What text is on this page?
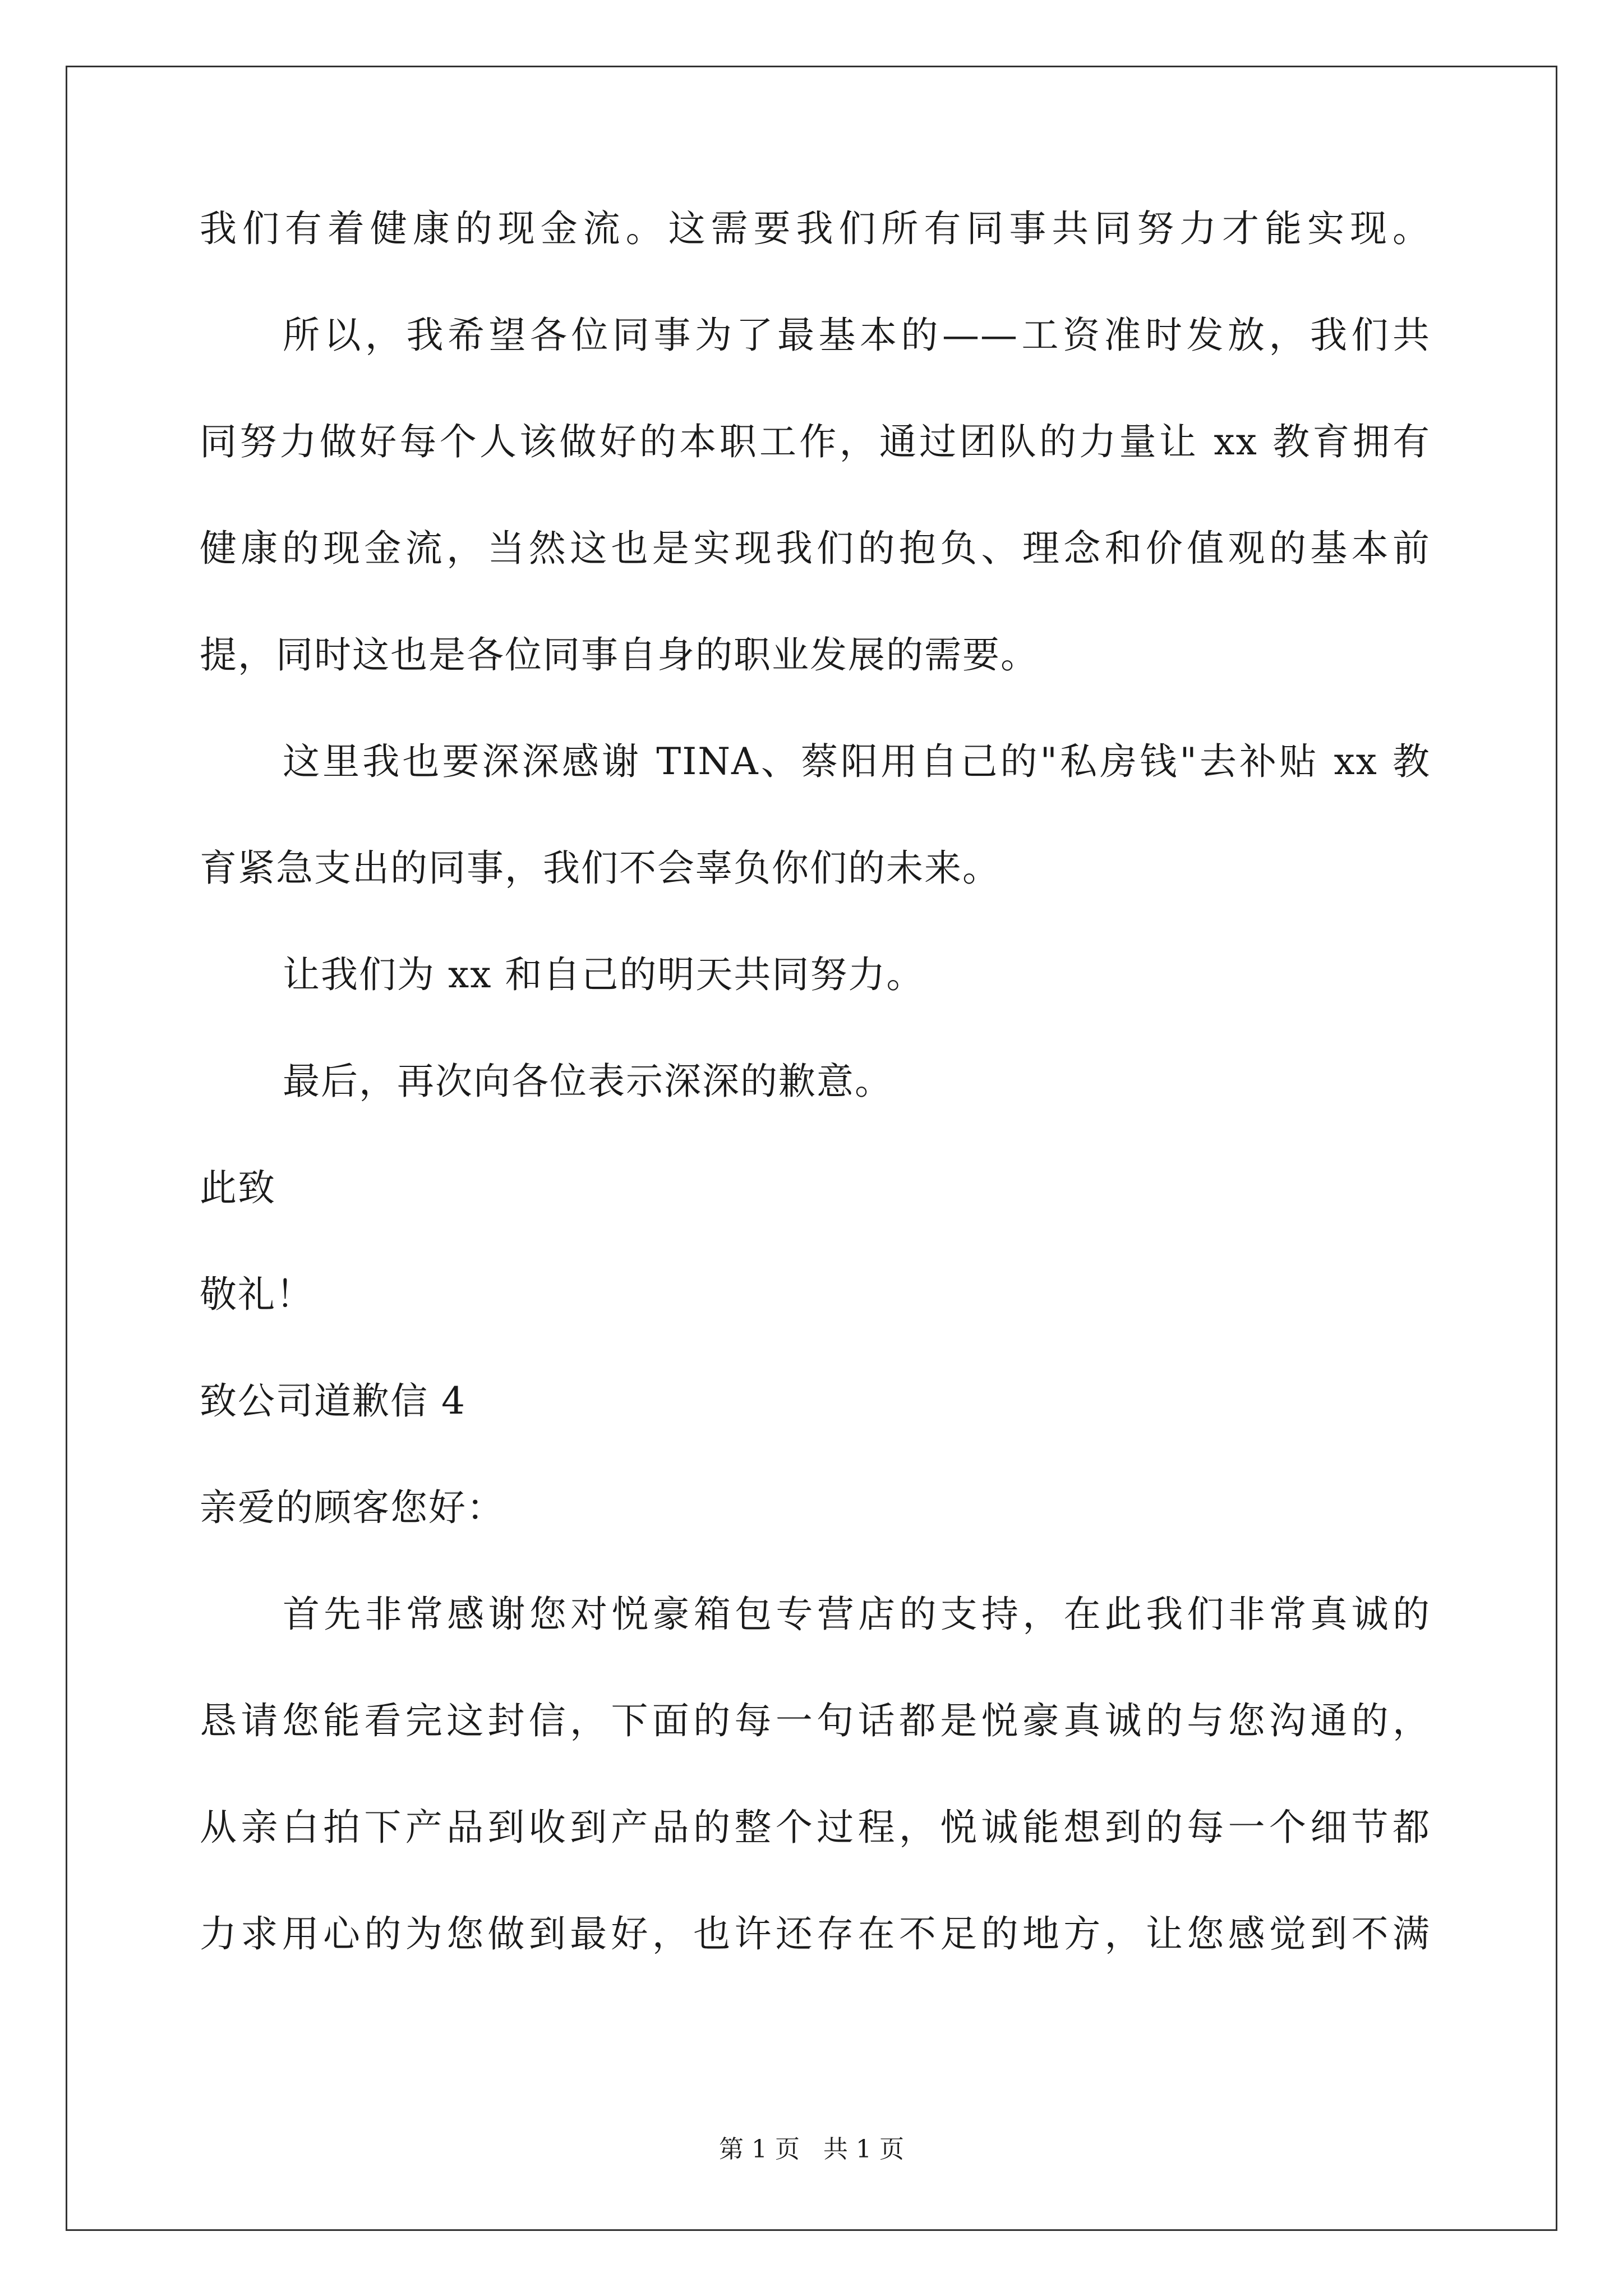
我们有着健康的现金流。这需要我们所有同事共同努力才能实现。
所以，我希望各位同事为了最基本的——工资准时发放，我们共
同努力做好每个人该做好的本职工作，通过团队的力量让 xx 教育拥有
健康的现金流，当然这也是实现我们的抱负、理念和价值观的基本前
提，同时这也是各位同事自身的职业发展的需要。
这里我也要深深感谢 TINA、蔡阳用自己的"私房钱"去补贴 xx 教
育紧急支出的同事，我们不会辜负你们的未来。
让我们为 xx 和自己的明天共同努力。
最后，再次向各位表示深深的歉意。
此致
敬礼！
致公司道歉信 4
亲爱的顾客您好：
首先非常感谢您对悦豪箱包专营店的支持，在此我们非常真诚的
恳请您能看完这封信，下面的每一句话都是悦豪真诚的与您沟通的，
从亲白拍下产品到收到产品的整个过程，悦诚能想到的每一个细节都
力求用心的为您做到最好，也许还存在不足的地方，让您感觉到不满
第 1 页   共 1 页
